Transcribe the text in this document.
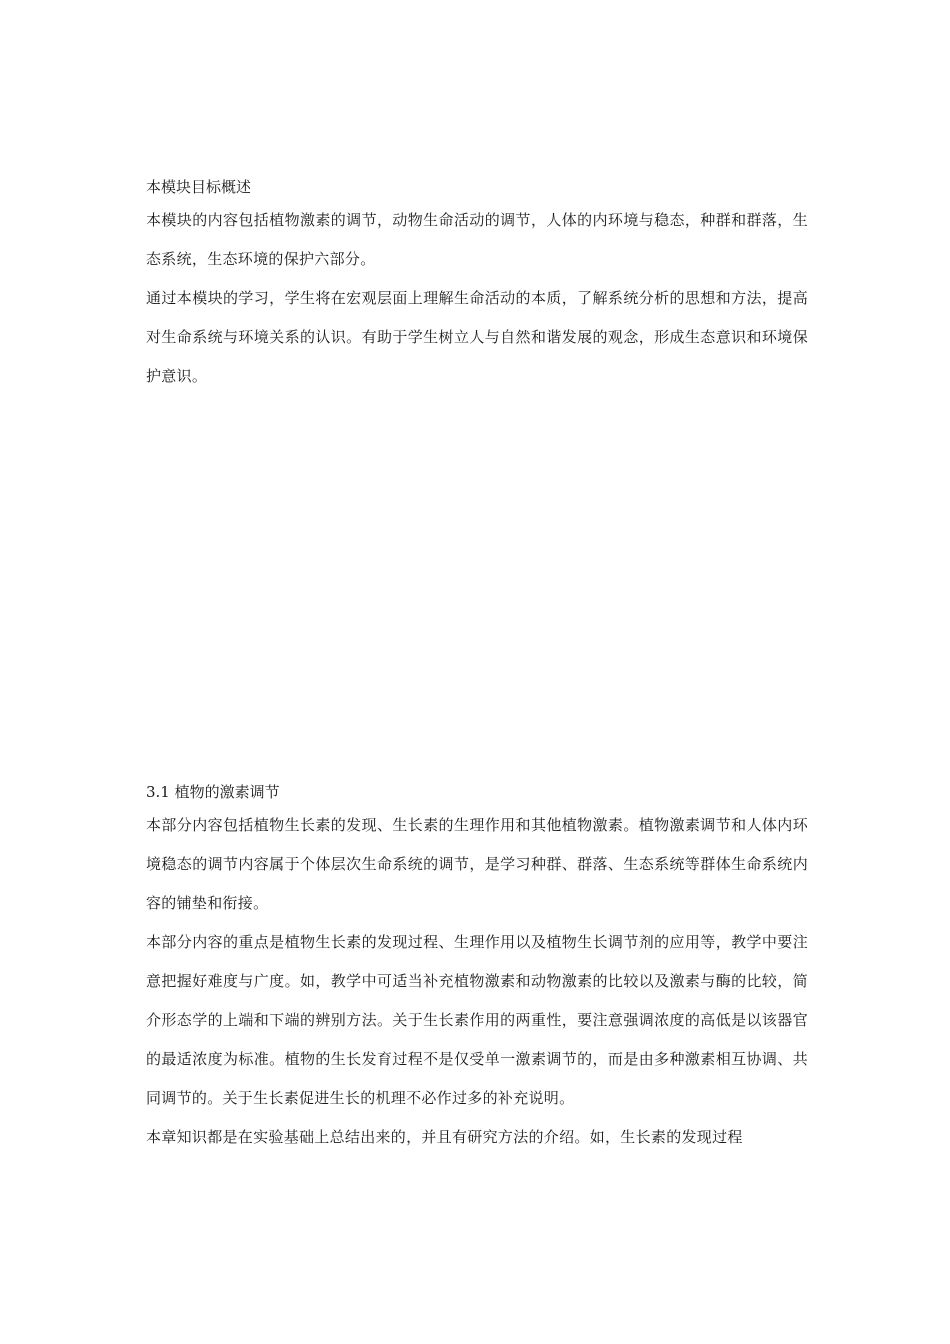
本模块目标概述

本模块的内容包括植物激素的调节，动物生命活动的调节，人体的内环境与稳态，种群和群落，生态系统，生态环境的保护六部分。

通过本模块的学习，学生将在宏观层面上理解生命活动的本质，了解系统分析的思想和方法，提高对生命系统与环境关系的认识。有助于学生树立人与自然和谐发展的观念，形成生态意识和环境保护意识。

3.1 植物的激素调节

本部分内容包括植物生长素的发现、生长素的生理作用和其他植物激素。植物激素调节和人体内环境稳态的调节内容属于个体层次生命系统的调节，是学习种群、群落、生态系统等群体生命系统内容的铺垫和衔接。

本部分内容的重点是植物生长素的发现过程、生理作用以及植物生长调节剂的应用等，教学中要注意把握好难度与广度。如，教学中可适当补充植物激素和动物激素的比较以及激素与酶的比较，简介形态学的上端和下端的辨别方法。关于生长素作用的两重性，要注意强调浓度的高低是以该器官的最适浓度为标准。植物的生长发育过程不是仅受单一激素调节的，而是由多种激素相互协调、共同调节的。关于生长素促进生长的机理不必作过多的补充说明。

本章知识都是在实验基础上总结出来的，并且有研究方法的介绍。如，生长素的发现过程
